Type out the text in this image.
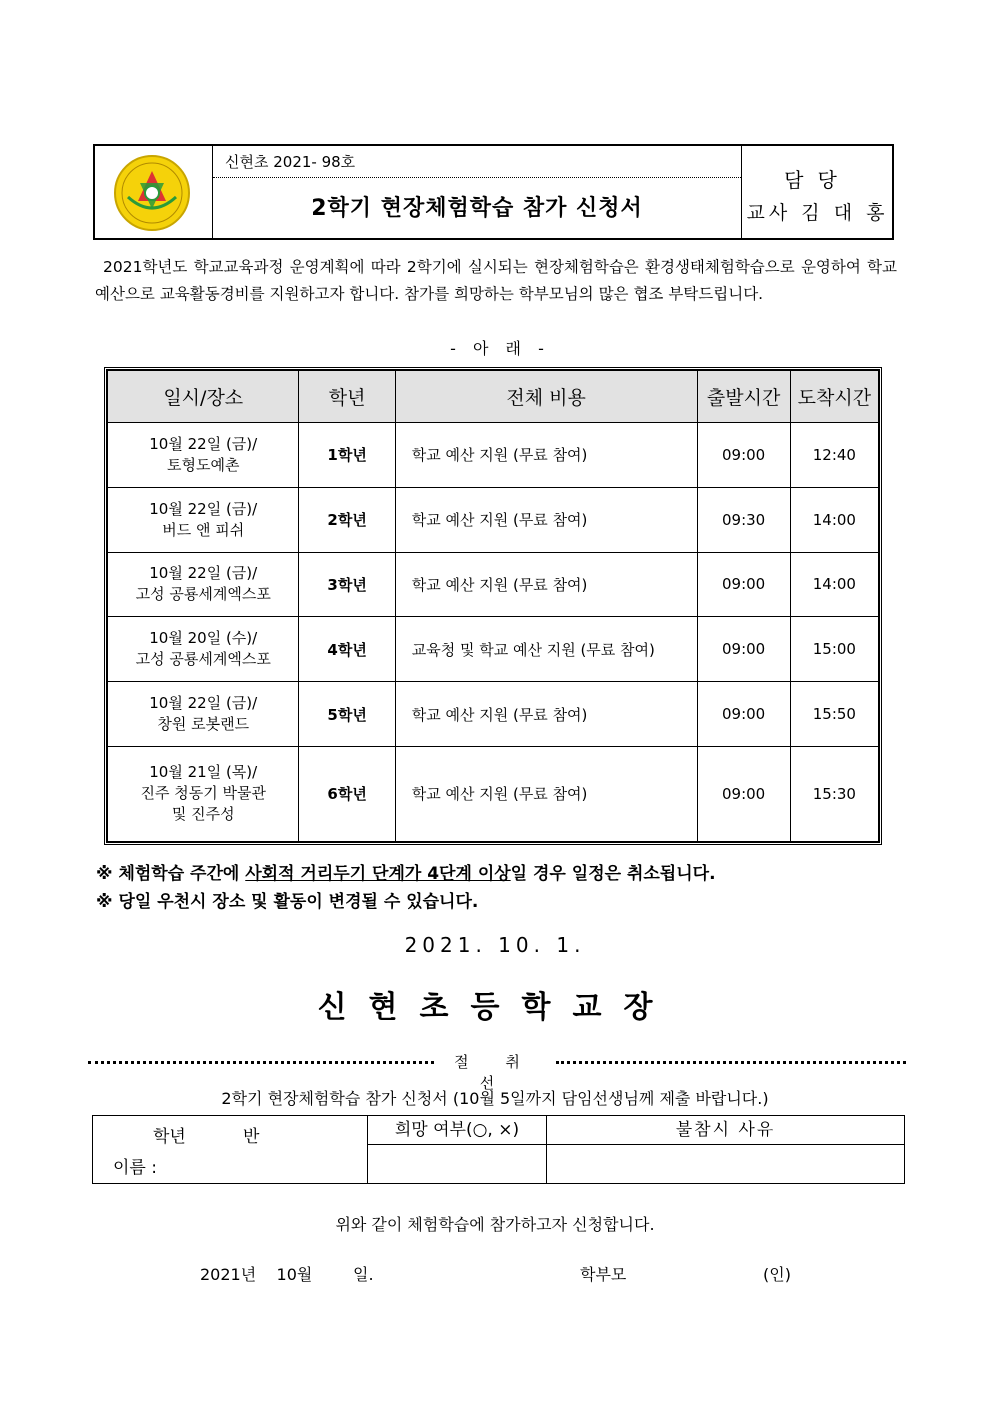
신현초 2021- 98호
2학기 현장체험학습 참가 신청서
담당
교사 김 대 홍
2021학년도 학교교육과정 운영계획에 따라 2학기에 실시되는 현장체험학습은 환경생태체험학습으로 운영하여 학교 예산으로 교육활동경비를 지원하고자 합니다. 참가를 희망하는 학부모님의 많은 협조 부탁드립니다.
- 아 래 -
일시/장소	학년	전체 비용	출발시간	도착시간
10월 22일 (금)/
토형도예촌	1학년	학교 예산 지원 (무료 참여)	09:00	12:40
10월 22일 (금)/
버드 앤 피쉬	2학년	학교 예산 지원 (무료 참여)	09:30	14:00
10월 22일 (금)/
고성 공룡세계엑스포	3학년	학교 예산 지원 (무료 참여)	09:00	14:00
10월 20일 (수)/
고성 공룡세계엑스포	4학년	교육청 및 학교 예산 지원 (무료 참여)	09:00	15:00
10월 22일 (금)/
창원 로봇랜드	5학년	학교 예산 지원 (무료 참여)	09:00	15:50
10월 21일 (목)/
진주 청동기 박물관
및 진주성	6학년	학교 예산 지원 (무료 참여)	09:00	15:30
※ 체험학습 주간에 사회적 거리두기 단계가 4단계 이상일 경우 일정은 취소됩니다.
※ 당일 우천시 장소 및 활동이 변경될 수 있습니다.
2021. 10. 1.
신현초등학교장
절 취 선
2학기 현장체험학습 참가 신청서 (10월 5일까지 담임선생님께 제출 바랍니다.)
학년	반
이름 :
희망 여부(○, ×)	불참시 사유
위와 같이 체험학습에 참가하고자 신청합니다.
2021년    10월        일.	학부모	(인)
